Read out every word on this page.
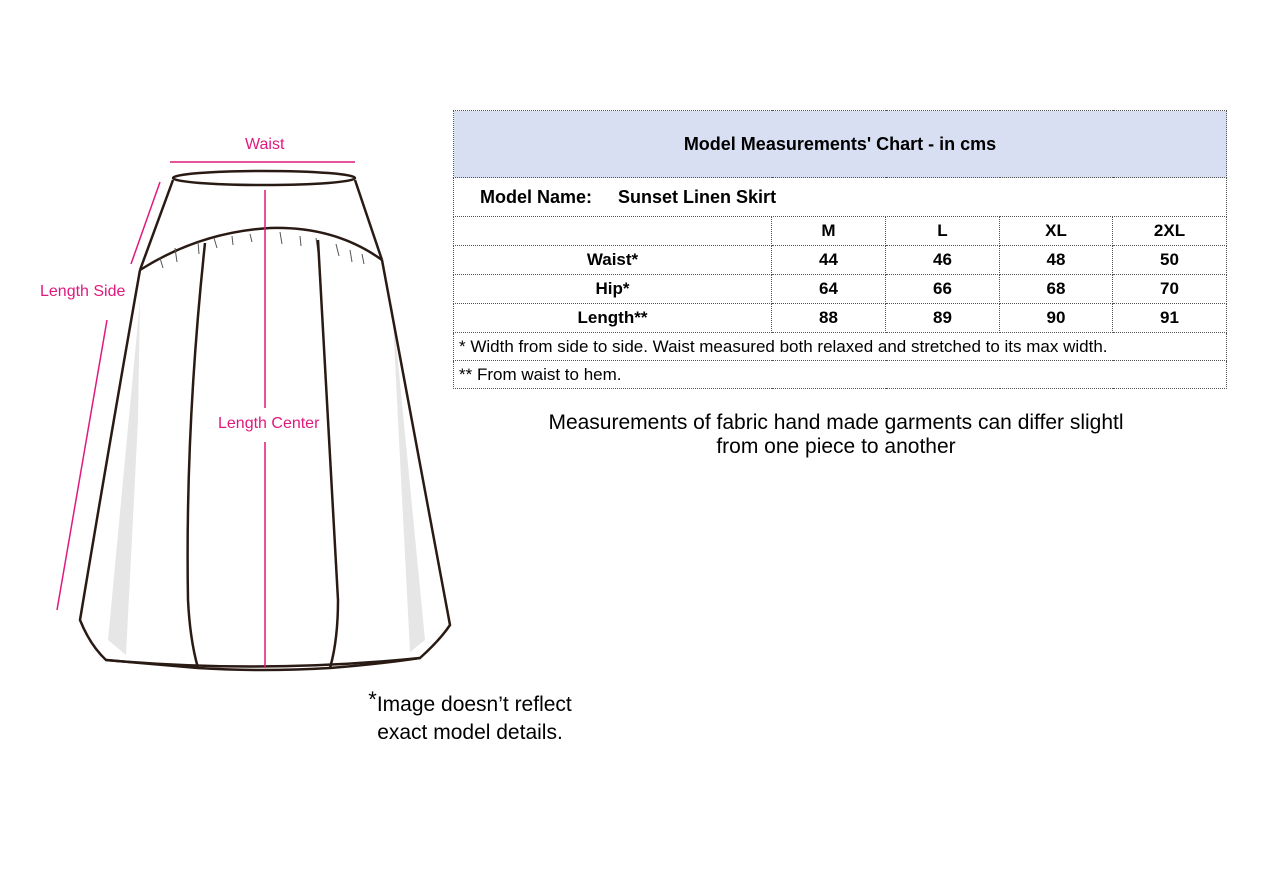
Waist
Length Side
Length Center
Model Measurements' Chart - in cms				
Model Name: Sunset Linen Skirt				
	M	L	XL	2XL
Waist*	44	46	48	50
Hip*	64	66	68	70
Length**	88	89	90	91
* Width from side to side. Waist measured both relaxed and stretched to its max width.				
** From waist to hem.				
Measurements of fabric hand made garments can differ slightl
from one piece to another
*Image doesn’t reflect
exact model details.
